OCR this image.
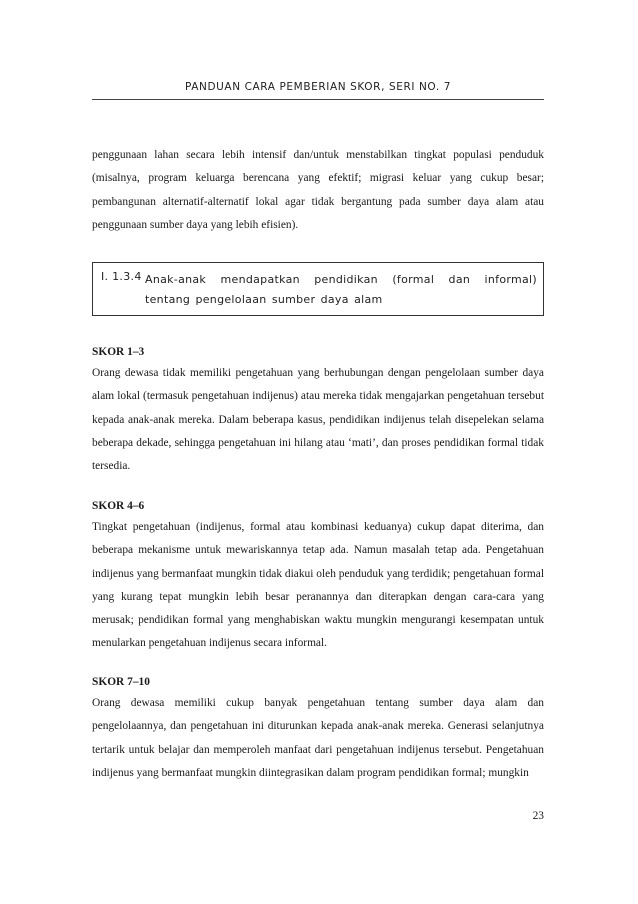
PANDUAN CARA PEMBERIAN SKOR, SERI NO. 7

penggunaan lahan secara lebih intensif dan/untuk menstabilkan tingkat populasi penduduk (misalnya, program keluarga berencana yang efektif; migrasi keluar yang cukup besar; pembangunan alternatif-alternatif lokal agar tidak bergantung pada sumber daya alam atau penggunaan sumber daya yang lebih efisien).

I. 1.3.4 Anak-anak mendapatkan pendidikan (formal dan informal) tentang pengelolaan sumber daya alam
SKOR 1–3

Orang dewasa tidak memiliki pengetahuan yang berhubungan dengan pengelolaan sumber daya alam lokal (termasuk pengetahuan indijenus) atau mereka tidak mengajarkan pengetahuan tersebut kepada anak-anak mereka. Dalam beberapa kasus, pendidikan indijenus telah disepelekan selama beberapa dekade, sehingga pengetahuan ini hilang atau ‘mati’, dan proses pendidikan formal tidak tersedia.

SKOR 4–6

Tingkat pengetahuan (indijenus, formal atau kombinasi keduanya) cukup dapat diterima, dan beberapa mekanisme untuk mewariskannya tetap ada. Namun masalah tetap ada. Pengetahuan indijenus yang bermanfaat mungkin tidak diakui oleh penduduk yang terdidik; pengetahuan formal yang kurang tepat mungkin lebih besar peranannya dan diterapkan dengan cara-cara yang merusak; pendidikan formal yang menghabiskan waktu mungkin mengurangi kesempatan untuk menularkan pengetahuan indijenus secara informal.

SKOR 7–10

Orang dewasa memiliki cukup banyak pengetahuan tentang sumber daya alam dan pengelolaannya, dan pengetahuan ini diturunkan kepada anak-anak mereka. Generasi selanjutnya tertarik untuk belajar dan memperoleh manfaat dari pengetahuan indijenus tersebut. Pengetahuan indijenus yang bermanfaat mungkin diintegrasikan dalam program pendidikan formal; mungkin

23
